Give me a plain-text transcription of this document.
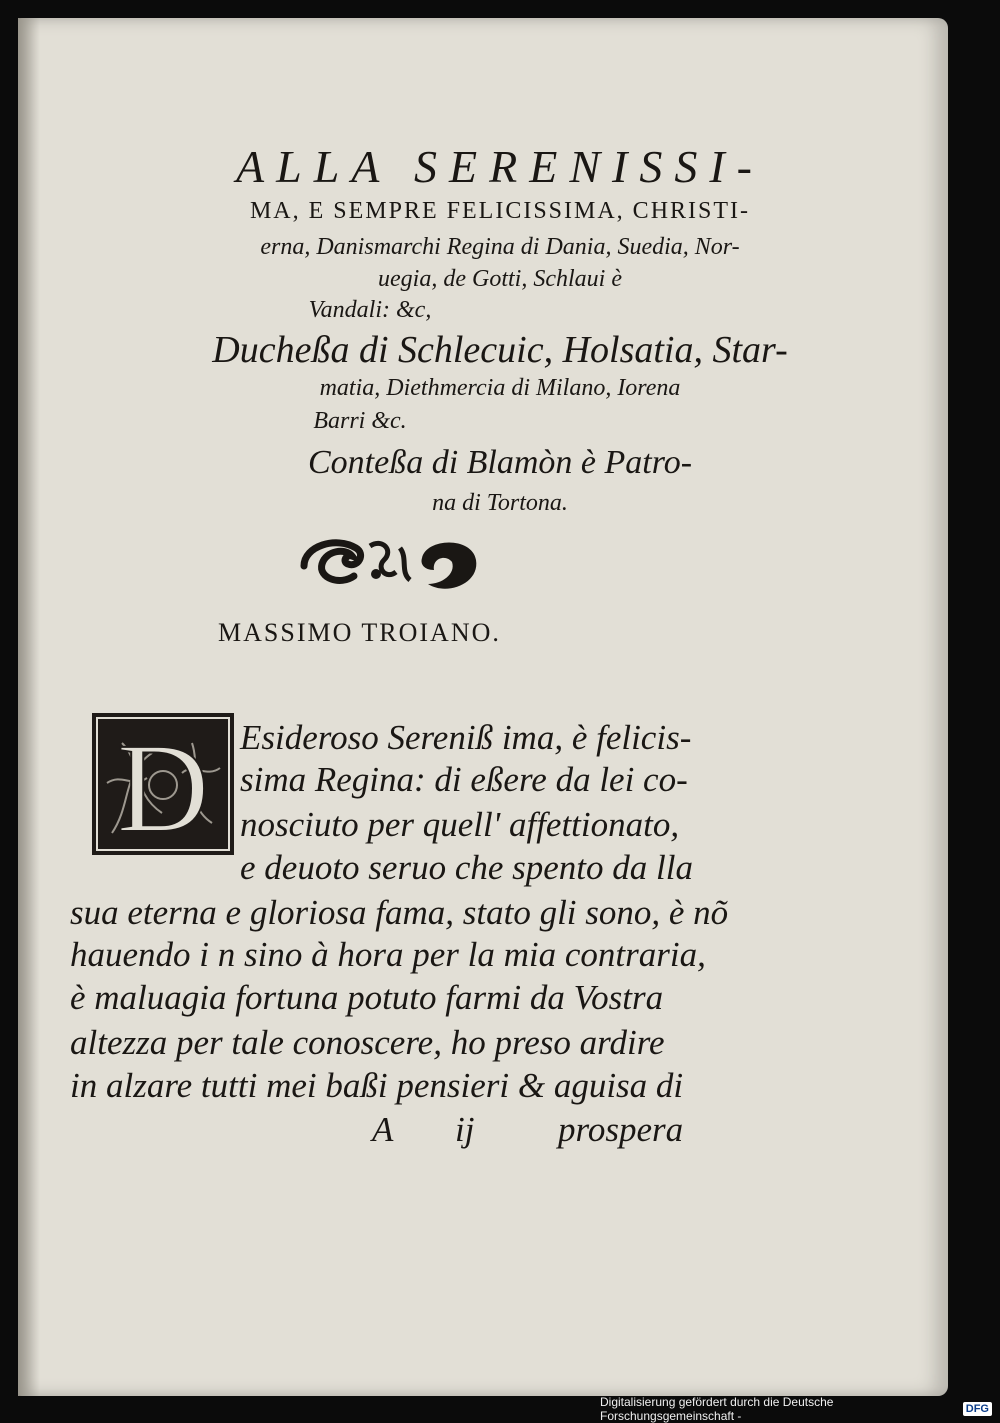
ALLA SERENISSI-
MA, E SEMPRE FELICISSIMA, CHRISTI-
erna, Danismarchi Regina di Dania, Suedia, Nor-
uegia, de Gotti, Schlaui è
Vandali: &c,
Ducheßa di Schlecuic, Holsatia, Star-
matia, Diethmercia di Milano, Iorena
Barri &c.
Conteßa di Blamòn è Patro-
na di Tortona.
MASSIMO TROIANO.
D Esideroso Sereniß ima, è felicis-
sima Regina: di eßere da lei co-
nosciuto per quell' affettionato,
e deuoto seruo che spento da lla
sua eterna e gloriosa fama, stato gli sono, è nõ
hauendo i n sino à hora per la mia contraria,
è maluagia fortuna potuto farmi da Vostra
altezza per tale conoscere, ho preso ardire
in alzare tutti mei baßi pensieri & aguisa di
A ij prospera
Digitalisierung gefördert durch die Deutsche Forschungsgemeinschaft -	DFG
